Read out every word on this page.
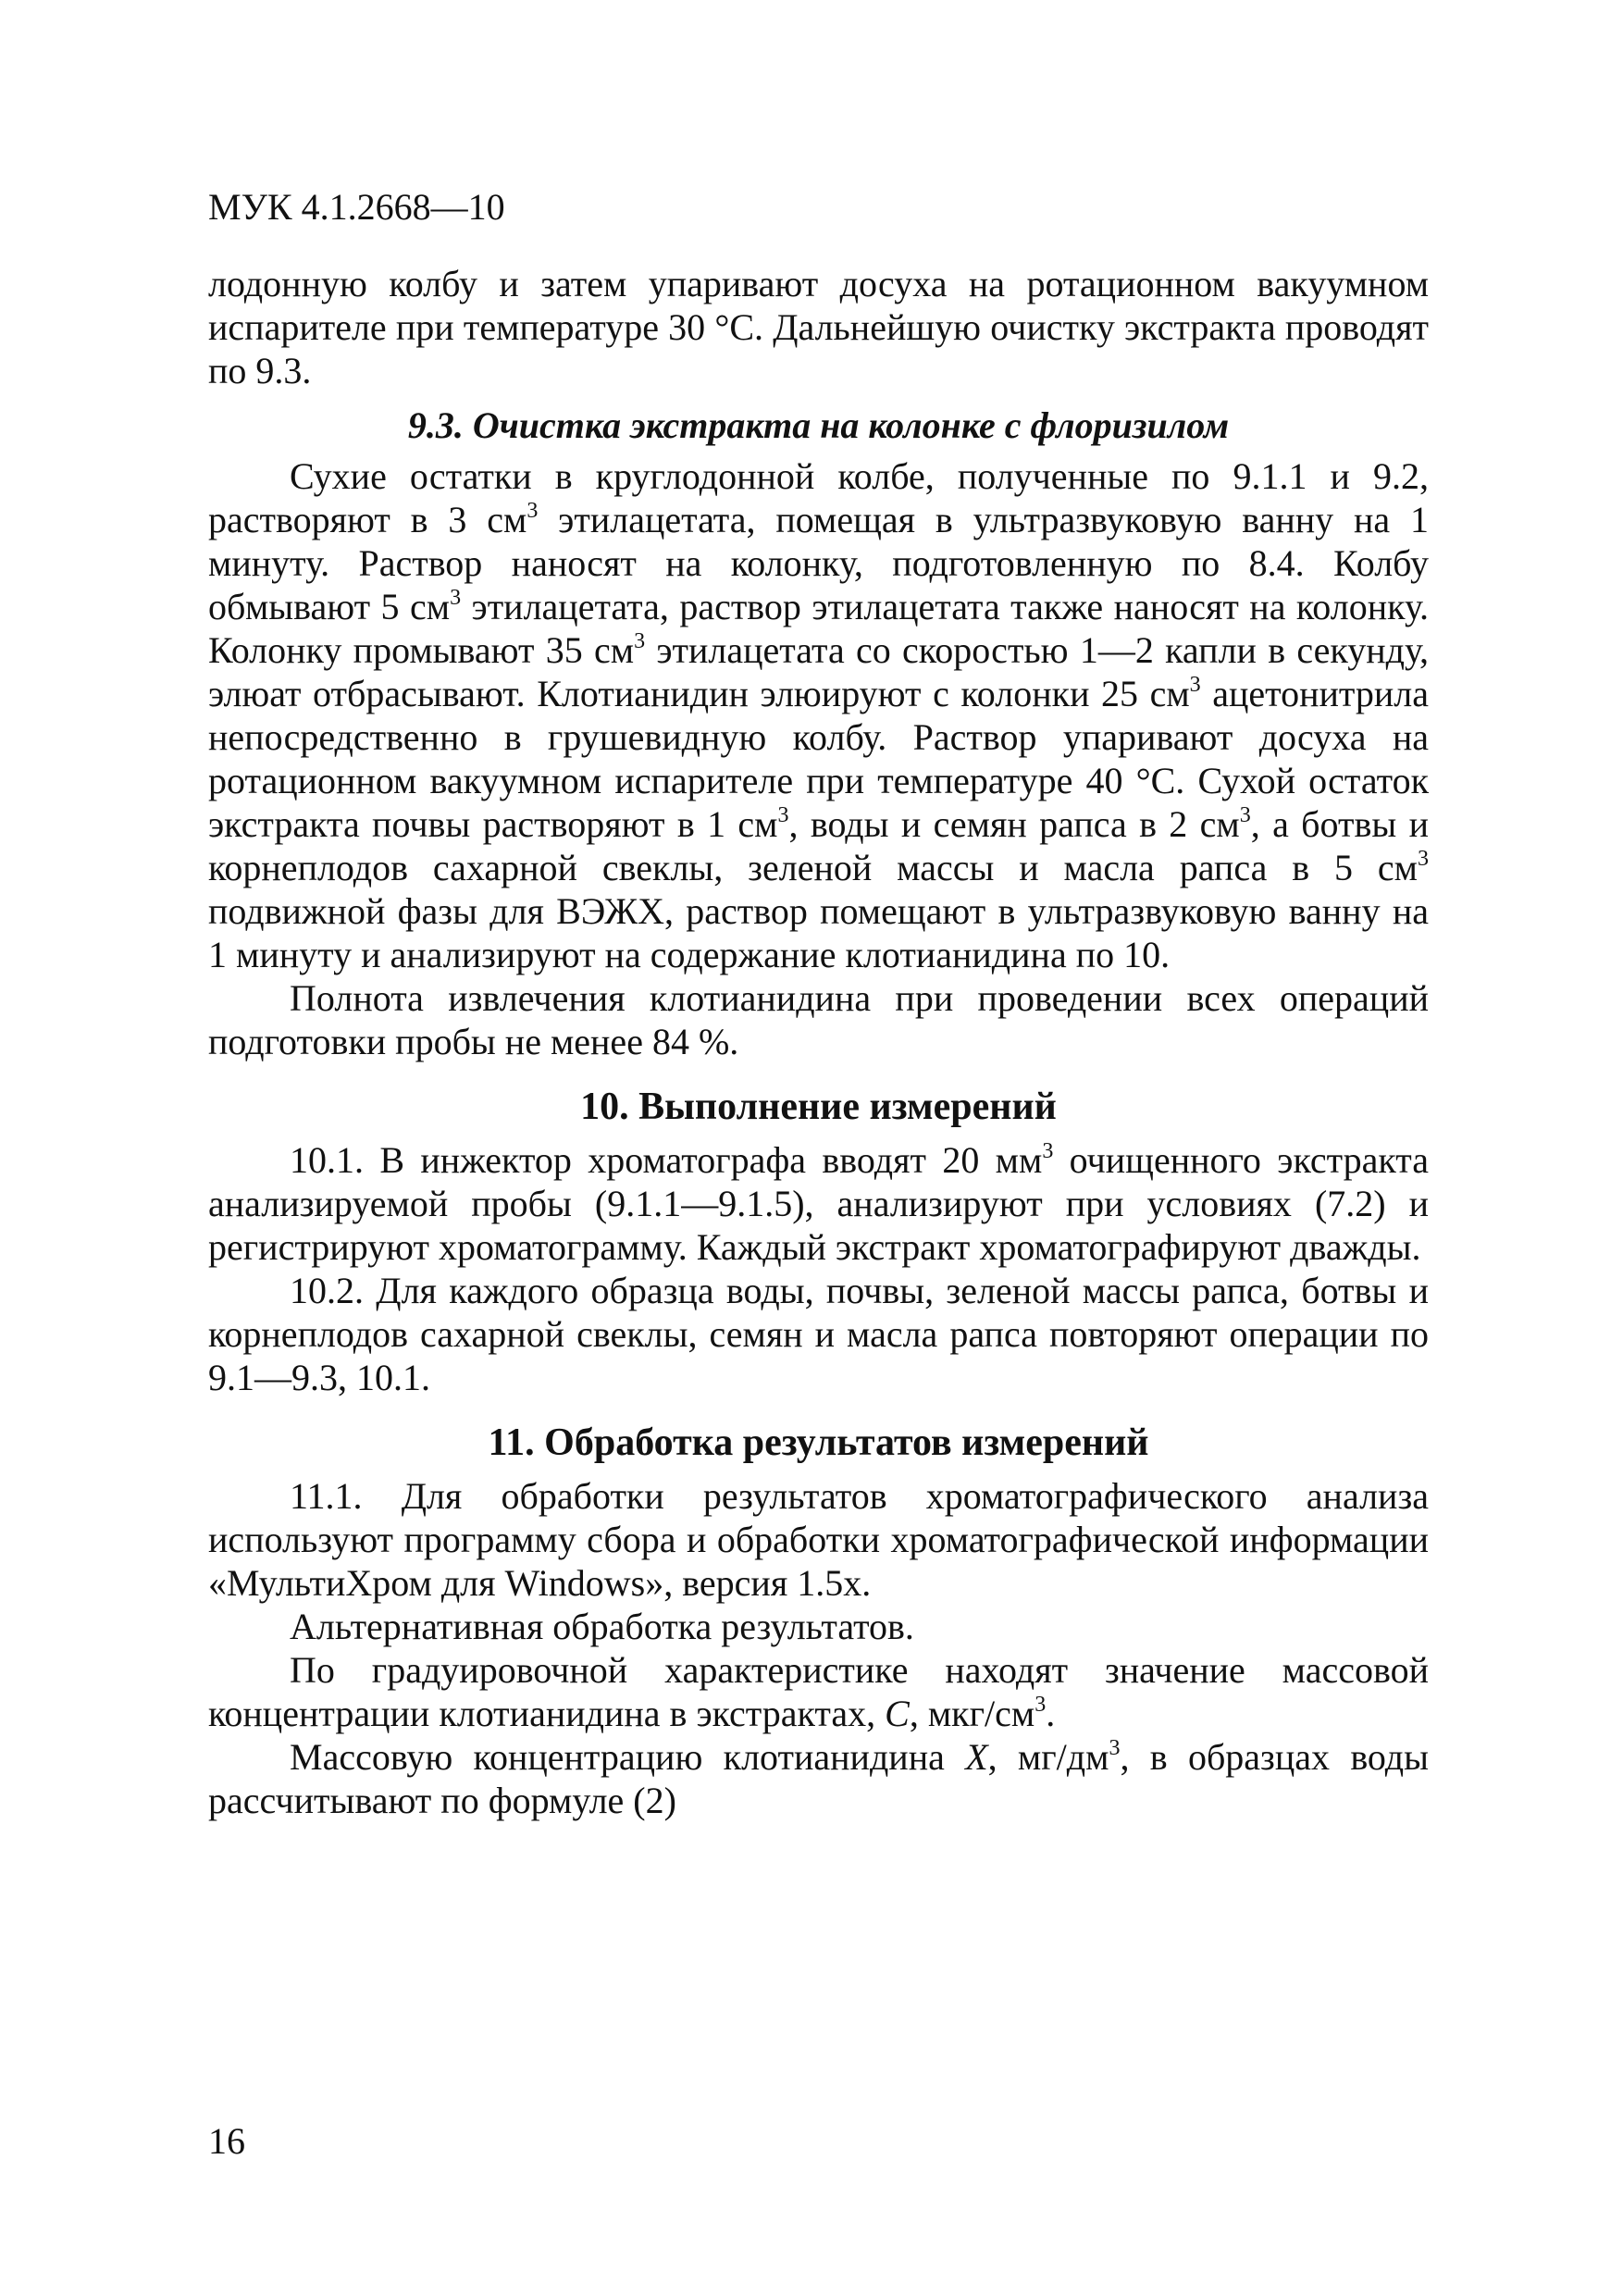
МУК 4.1.2668—10

лодонную колбу и затем упаривают досуха на ротационном вакуумном испарителе при температуре 30 °С. Дальнейшую очистку экстракта проводят по 9.3.

9.3. Очистка экстракта на колонке с флоризилом

Сухие остатки в круглодонной колбе, полученные по 9.1.1 и 9.2, растворяют в 3 $см^3$ этилацетата, помещая в ультразвуковую ванну на 1 минуту. Раствор наносят на колонку, подготовленную по 8.4. Колбу обмывают 5 $см^3$ этилацетата, раствор этилацетата также наносят на колонку. Колонку промывают 35 $см^3$ этилацетата со скоростью 1—2 капли в секунду, элюат отбрасывают. Клотианидин элюируют с колонки 25 $см^3$ ацетонитрила непосредственно в грушевидную колбу. Раствор упаривают досуха на ротационном вакуумном испарителе при температуре 40 °С. Сухой остаток экстракта почвы растворяют в 1 $см^3$, воды и семян рапса в 2 $см^3$, а ботвы и корнеплодов сахарной свеклы, зеленой массы и масла рапса в 5 $см^3$ подвижной фазы для ВЭЖХ, раствор помещают в ультразвуковую ванну на 1 минуту и анализируют на содержание клотианидина по 10.

Полнота извлечения клотианидина при проведении всех операций подготовки пробы не менее 84 %.

10. Выполнение измерений

10.1. В инжектор хроматографа вводят 20 $мм^3$ очищенного экстракта анализируемой пробы (9.1.1—9.1.5), анализируют при условиях (7.2) и регистрируют хроматограмму. Каждый экстракт хроматографируют дважды.

10.2. Для каждого образца воды, почвы, зеленой массы рапса, ботвы и корнеплодов сахарной свеклы, семян и масла рапса повторяют операции по 9.1—9.3, 10.1.

11. Обработка результатов измерений

11.1. Для обработки результатов хроматографического анализа используют программу сбора и обработки хроматографической информации «МультиХром для Windows», версия 1.5х.

Альтернативная обработка результатов.

По градуировочной характеристике находят значение массовой концентрации клотианидина в экстрактах, С, мкг/$см^3$.

Массовую концентрацию клотианидина X, $мг/дм^3$, в образцах воды рассчитывают по формуле (2)

16
